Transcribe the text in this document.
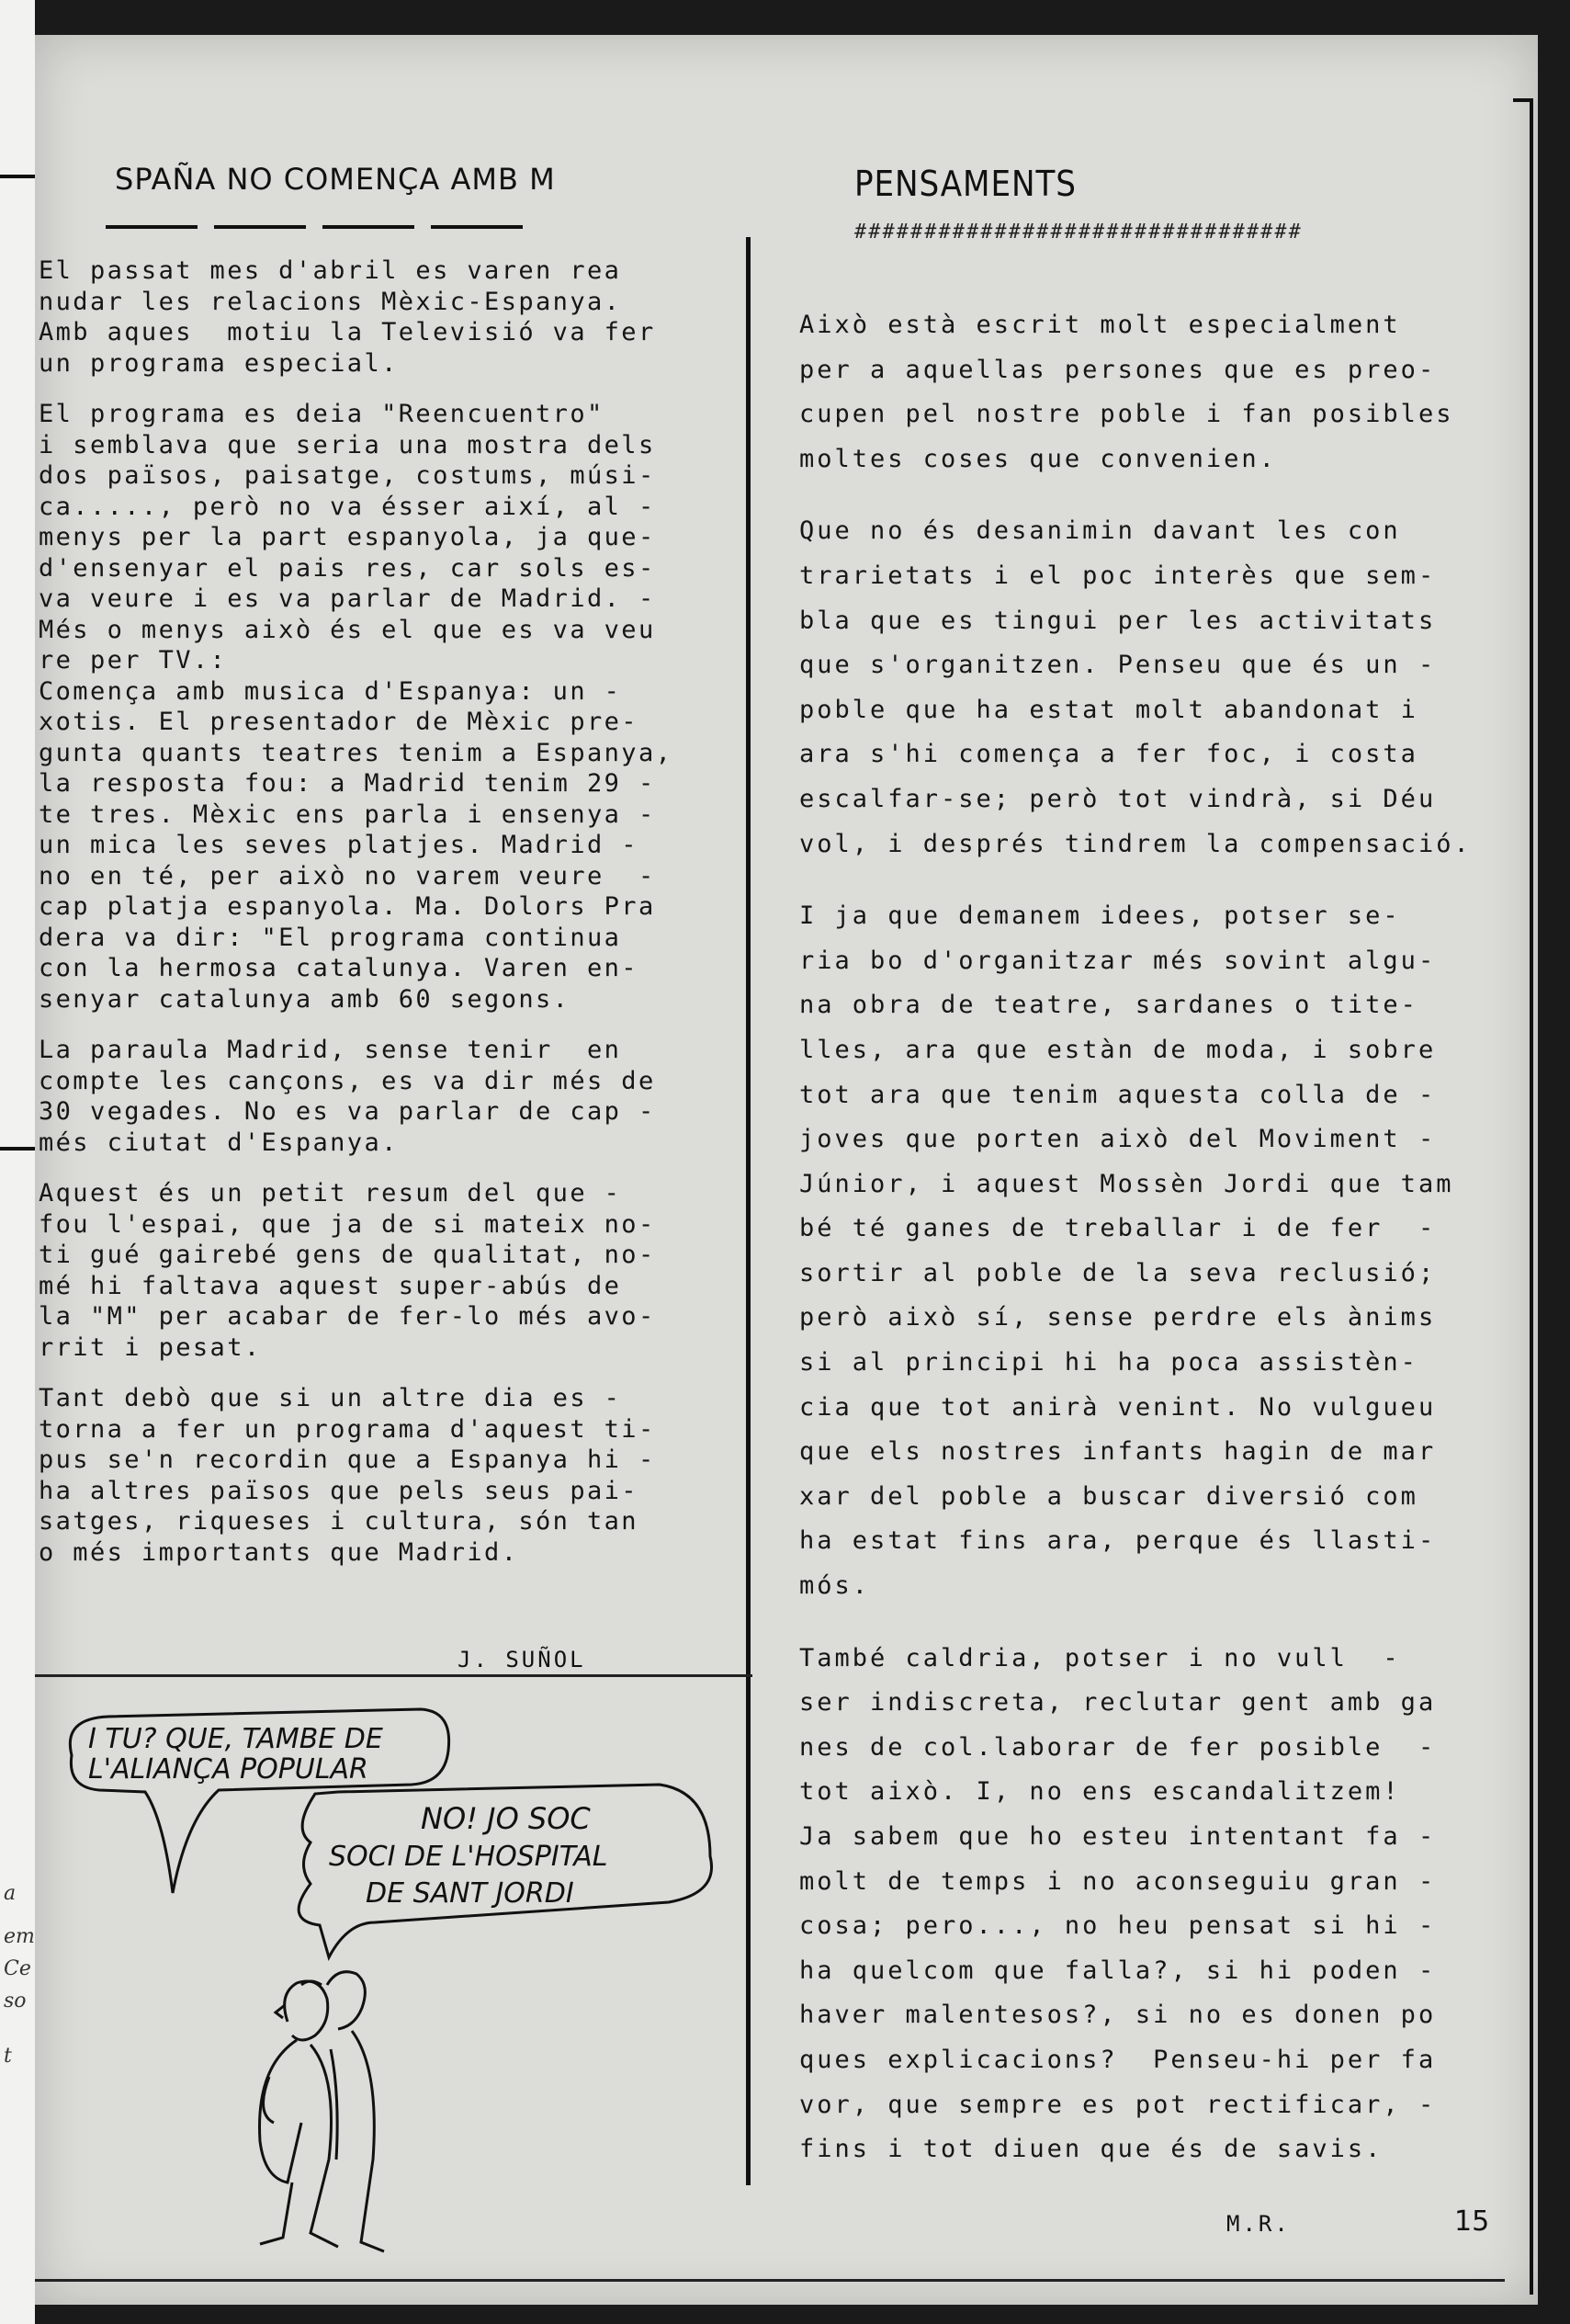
a
em
Ce
so
t
SPAÑA NO COMENÇA AMB M	PENSAMENTS
################################
El passat mes d'abril es varen rea
nudar les relacions Mèxic-Espanya.
Amb aques  motiu la Televisió va fer
un programa especial.
El programa es deia "Reencuentro"
i semblava que seria una mostra dels
dos països, paisatge, costums, músi-
ca....., però no va ésser així, al -
menys per la part espanyola, ja que-
d'ensenyar el pais res, car sols es-
va veure i es va parlar de Madrid. -
Més o menys això és el que es va veu
re per TV.:
Comença amb musica d'Espanya: un -
xotis. El presentador de Mèxic pre-
gunta quants teatres tenim a Espanya,
la resposta fou: a Madrid tenim 29 -
te tres. Mèxic ens parla i ensenya -
un mica les seves platjes. Madrid -
no en té, per això no varem veure  -
cap platja espanyola. Ma. Dolors Pra
dera va dir: "El programa continua
con la hermosa catalunya. Varen en-
senyar catalunya amb 60 segons.
La paraula Madrid, sense tenir  en
compte les cançons, es va dir més de
30 vegades. No es va parlar de cap -
més ciutat d'Espanya.
Aquest és un petit resum del que -
fou l'espai, que ja de si mateix no-
ti gué gairebé gens de qualitat, no-
mé hi faltava aquest super-abús de
la "M" per acabar de fer-lo més avo-
rrit i pesat.
Tant debò que si un altre dia es -
torna a fer un programa d'aquest ti-
pus se'n recordin que a Espanya hi -
ha altres països que pels seus pai-
satges, riqueses i cultura, són tan
o més importants que Madrid.
J. SUÑOL
Això està escrit molt especialment
per a aquellas persones que es preo-
cupen pel nostre poble i fan posibles
moltes coses que convenien.
Que no és desanimin davant les con
trarietats i el poc interès que sem-
bla que es tingui per les activitats
que s'organitzen. Penseu que és un -
poble que ha estat molt abandonat i
ara s'hi comença a fer foc, i costa
escalfar-se; però tot vindrà, si Déu
vol, i després tindrem la compensació.
I ja que demanem idees, potser se-
ria bo d'organitzar més sovint algu-
na obra de teatre, sardanes o tite-
lles, ara que estàn de moda, i sobre
tot ara que tenim aquesta colla de -
joves que porten això del Moviment -
Júnior, i aquest Mossèn Jordi que tam
bé té ganes de treballar i de fer  -
sortir al poble de la seva reclusió;
però això sí, sense perdre els ànims
si al principi hi ha poca assistèn-
cia que tot anirà venint. No vulgueu
que els nostres infants hagin de mar
xar del poble a buscar diversió com
ha estat fins ara, perque és llasti-
mós.
També caldria, potser i no vull  -
ser indiscreta, reclutar gent amb ga
nes de col.laborar de fer posible  -
tot això. I, no ens escandalitzem!
Ja sabem que ho esteu intentant fa -
molt de temps i no aconseguiu gran -
cosa; pero..., no heu pensat si hi -
ha quelcom que falla?, si hi poden -
haver malentesos?, si no es donen po
ques explicacions?  Penseu-hi per fa
vor, que sempre es pot rectificar, -
fins i tot diuen que és de savis.
M.R.	15
I TU? QUE, TAMBE DE
L'ALIANÇA POPULAR
NO! JO SOC
SOCI DE L'HOSPITAL
DE SANT JORDI
